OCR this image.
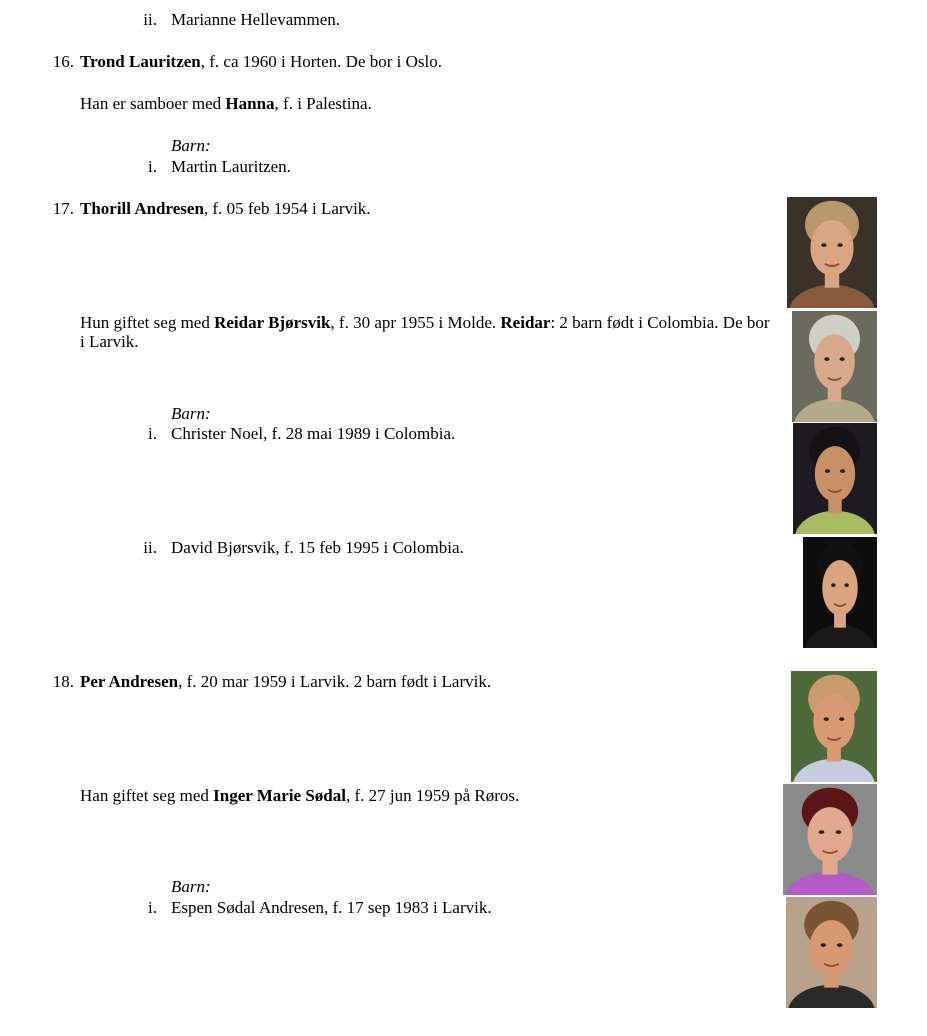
ii. Marianne Hellevammen.
16. Trond Lauritzen, f. ca 1960 i Horten. De bor i Oslo.
Han er samboer med Hanna, f. i Palestina.
Barn:
i. Martin Lauritzen.
17. Thorill Andresen, f. 05 feb 1954 i Larvik.
Hun giftet seg med Reidar Bjørsvik, f. 30 apr 1955 i Molde. Reidar: 2 barn født i Colombia. De bor
i Larvik.
Barn:
i. Christer Noel, f. 28 mai 1989 i Colombia.
ii. David Bjørsvik, f. 15 feb 1995 i Colombia.
18. Per Andresen, f. 20 mar 1959 i Larvik. 2 barn født i Larvik.
Han giftet seg med Inger Marie Sødal, f. 27 jun 1959 på Røros.
Barn:
i. Espen Sødal Andresen, f. 17 sep 1983 i Larvik.
